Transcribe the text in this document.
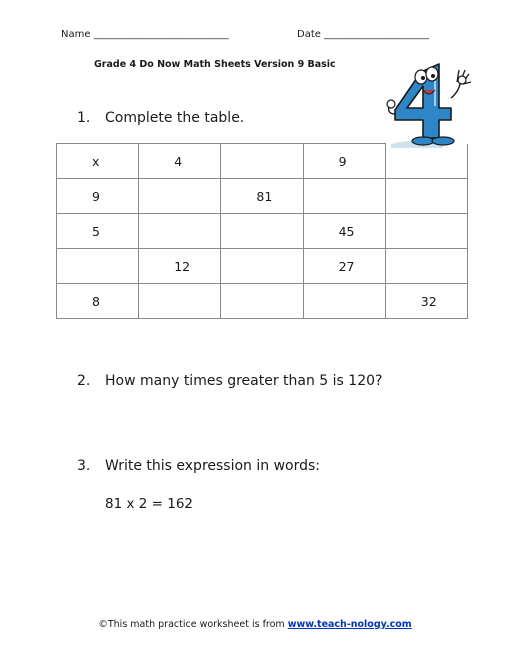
Name ___________________________	Date _____________________
Grade 4 Do Now Math Sheets Version 9 Basic
1. Complete the table.
x	4		9	
9		81		
5			45	
	12		27	
8				32
2. How many times greater than 5 is 120?
3. Write this expression in words:
81 x 2 = 162
©This math practice worksheet is from www.teach-nology.com
